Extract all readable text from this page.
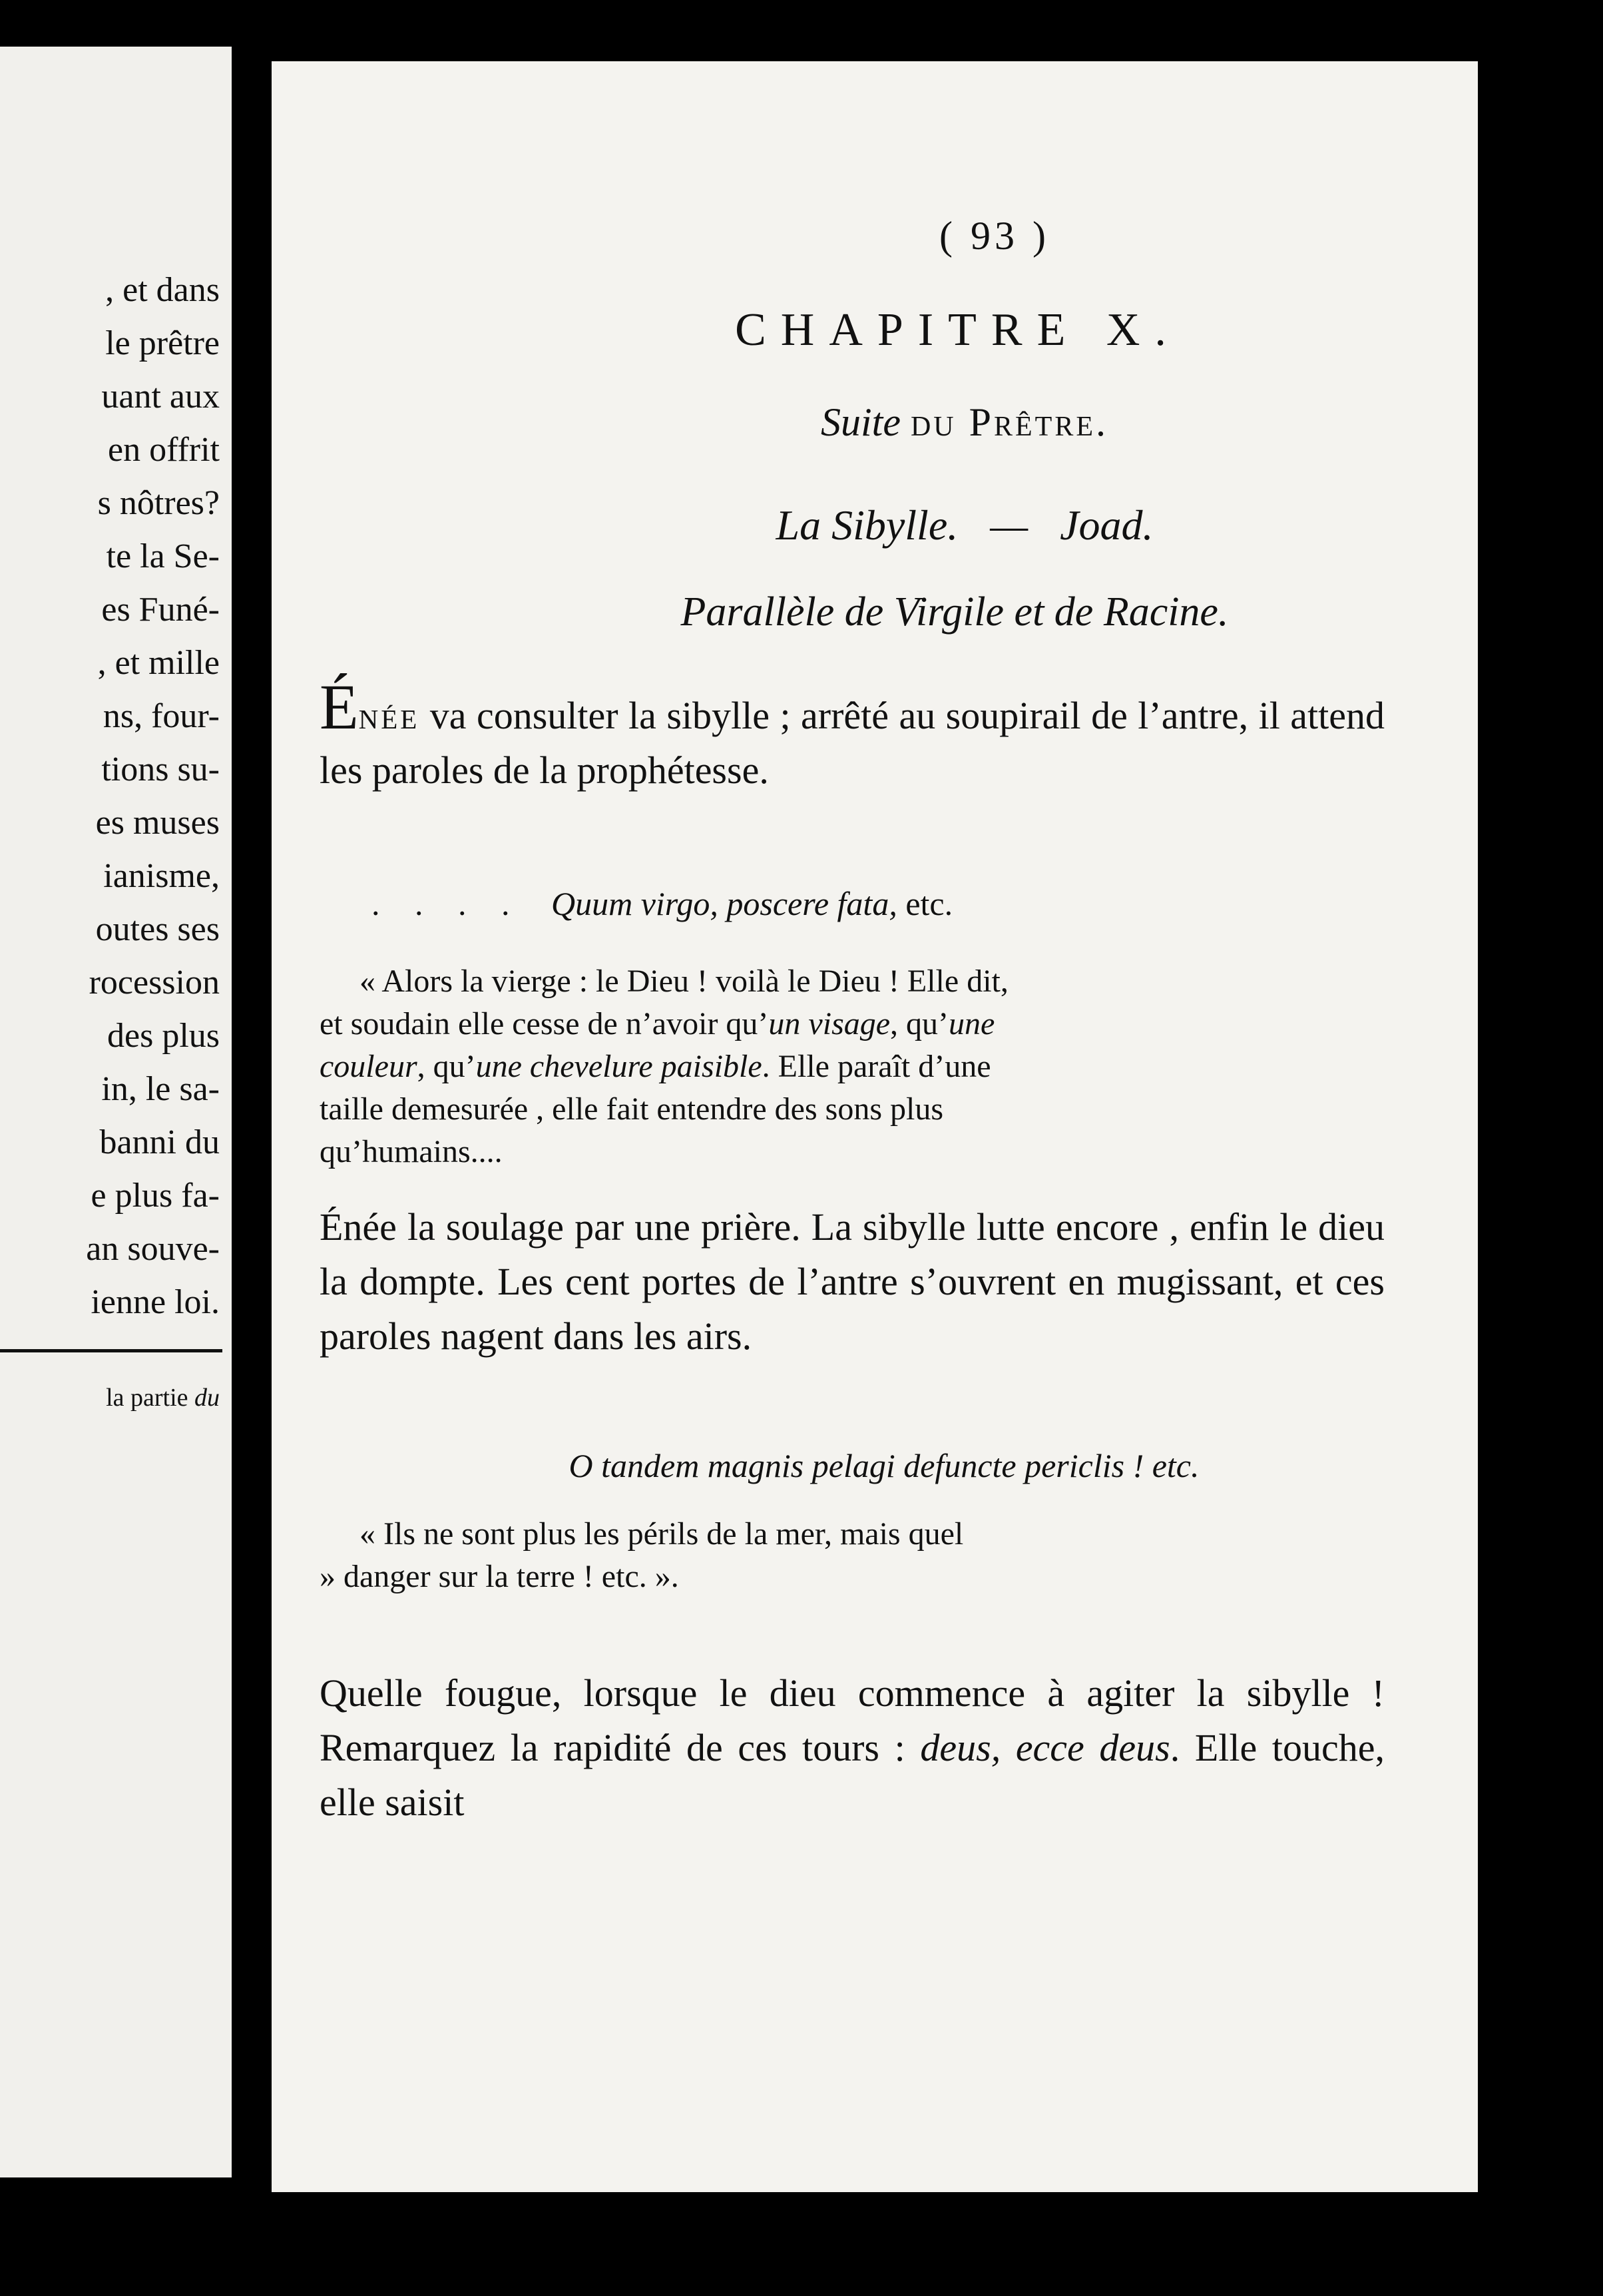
, et dans
le prêtre
uant aux
en offrit
s nôtres?
te la Se-
es Funé-
, et mille
ns, four-
tions su-
es muses
ianisme,
outes ses
rocession
des plus
in, le sa-
banni du
e plus fa-
an souve-
ienne loi.
la partie du
( 93 )
CHAPITRE X.
Suite du Prêtre.
La Sibylle.   —   Joad.
Parallèle de Virgile et de Racine.
Énée va consulter la sibylle ; arrêté au soupirail de l’antre, il attend les paroles de la prophétesse.
. . . . Quum virgo, poscere fata, etc.
« Alors la vierge : le Dieu ! voilà le Dieu ! Elle dit,
et soudain elle cesse de n’avoir qu’un visage, qu’une
couleur, qu’une chevelure paisible. Elle paraît d’une
taille demesurée , elle fait entendre des sons plus
qu’humains....
Énée la soulage par une prière. La sibylle lutte encore , enfin le dieu la dompte. Les cent portes de l’antre s’ouvrent en mugissant, et ces paroles nagent dans les airs.
O tandem magnis pelagi defuncte periclis ! etc.
« Ils ne sont plus les périls de la mer, mais quel
» danger sur la terre ! etc. ».
Quelle fougue, lorsque le dieu commence à agiter la sibylle ! Remarquez la rapidité de ces tours : deus, ecce deus. Elle touche, elle saisit
